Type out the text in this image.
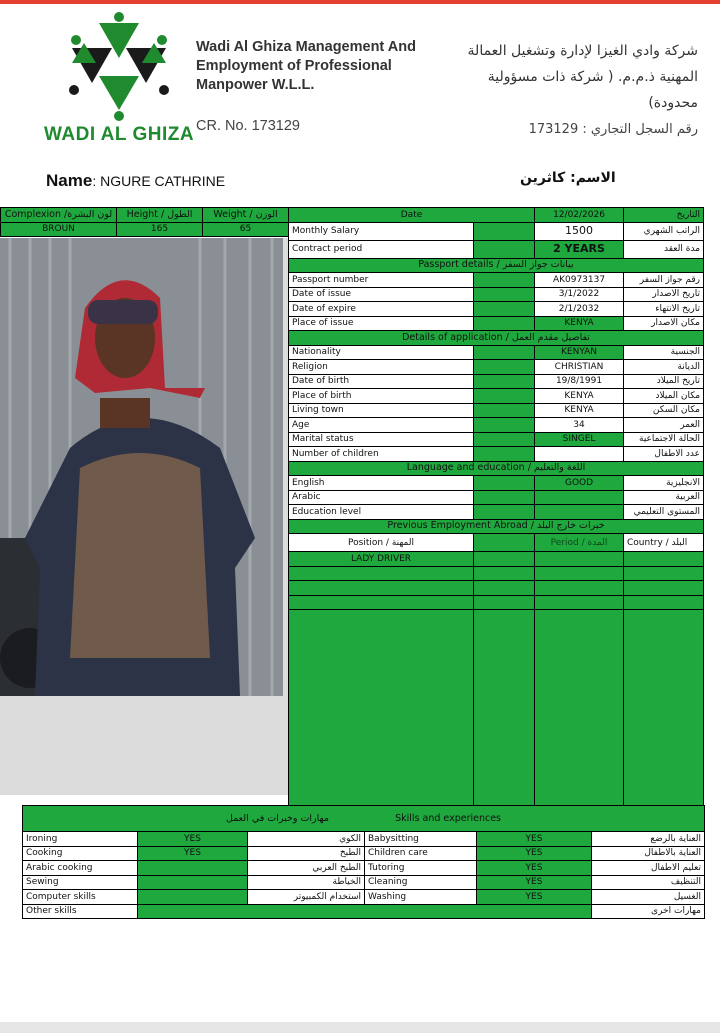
WADI AL GHIZA
Wadi Al Ghiza Management And
Employment of Professional
Manpower W.L.L.
CR. No. 173129
شركة وادي الغيزا لإدارة وتشغيل العمالة
المهنية ذ.م.م. ( شركة ذات مسؤولية
محدودة)
رقم السجل التجاري : 173129
Name: NGURE CATHRINE	الاسم: كاثرين
Complexion /لون البشرة	Height / الطول	Weight / الوزن
BROUN	165	65
Date		12/02/2026	التاريخ
Monthly Salary		1500	الراتب الشهري
Contract period		2 YEARS	مدة العقد
Passport details / بيانات جواز السفر			
Passport number		AK0973137	رقم جواز السفر
Date of issue		3/1/2022	تاريخ الاصدار
Date of expire		2/1/2032	تاريخ الانتهاء
Place of issue		KENYA	مكان الاصدار
Details of application / تفاصيل مقدم العمل			
Nationality		KENYAN	الجنسية
Religion		CHRISTIAN	الديانة
Date of birth		19/8/1991	تاريخ الميلاد
Place of birth		KENYA	مكان الميلاد
Living town		KENYA	مكان السكن
Age		34	العمر
Marital status		SINGEL	الحالة الاجتماعية
Number of children			عدد الاطفال
Language and education / اللغة والتعليم			
English		GOOD	الانجليزية
Arabic			العربية
Education level			المستوى التعليمي
Previous Employment Abroad / خبرات خارج البلد			
Position / المهنة		Period / المدة	Country / البلد
LADY DRIVER			

مهارات وخبرات في العمل Skills and experiences					
Ironing	YES	الكوي	Babysitting	YES	العناية بالرضع
Cooking	YES	الطبخ	Children care	YES	العناية بالاطفال
Arabic cooking		الطبخ العربي	Tutoring	YES	تعليم الاطفال
Sewing		الخياطة	Cleaning	YES	التنظيف
Computer skills		استخدام الكمبيوتر	Washing	YES	الغسيل
Other skills					مهارات اخرى
